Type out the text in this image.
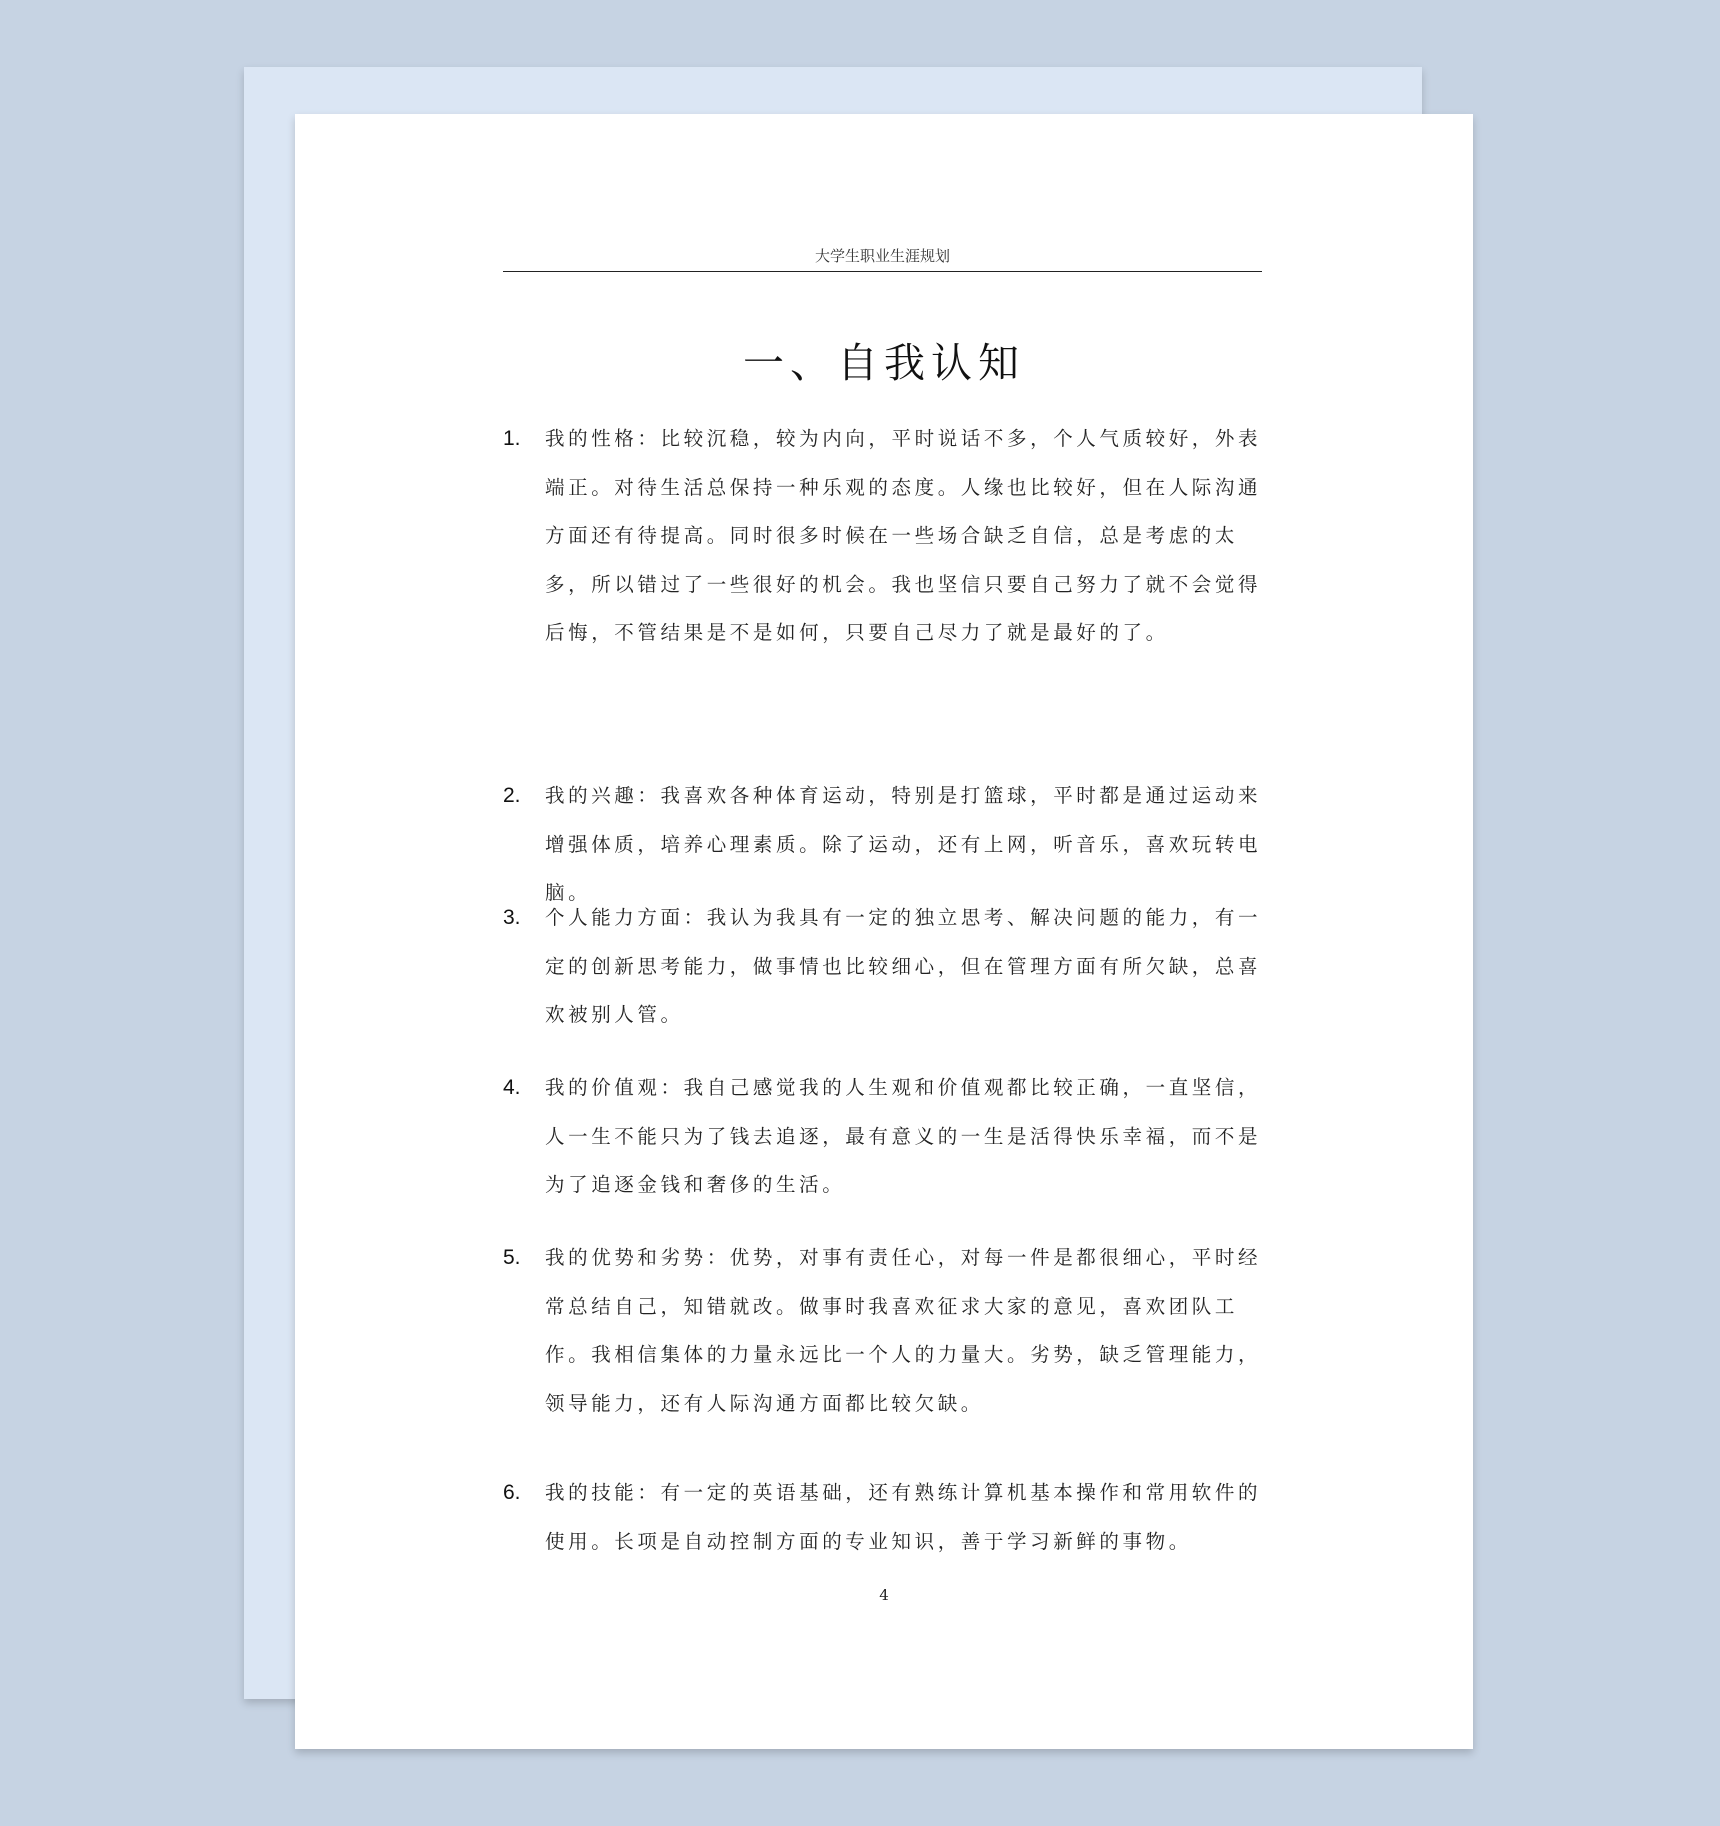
大学生职业生涯规划
一、自我认知
1. 我的性格：比较沉稳，较为内向，平时说话不多，个人气质较好，外表端正。对待生活总保持一种乐观的态度。人缘也比较好，但在人际沟通方面还有待提高。同时很多时候在一些场合缺乏自信，总是考虑的太多，所以错过了一些很好的机会。我也坚信只要自己努力了就不会觉得后悔，不管结果是不是如何，只要自己尽力了就是最好的了。
2. 我的兴趣：我喜欢各种体育运动，特别是打篮球，平时都是通过运动来增强体质，培养心理素质。除了运动，还有上网，听音乐，喜欢玩转电脑。
3. 个人能力方面：我认为我具有一定的独立思考、解决问题的能力，有一定的创新思考能力，做事情也比较细心，但在管理方面有所欠缺，总喜欢被别人管。
4. 我的价值观：我自己感觉我的人生观和价值观都比较正确，一直坚信，人一生不能只为了钱去追逐，最有意义的一生是活得快乐幸福，而不是为了追逐金钱和奢侈的生活。
5. 我的优势和劣势：优势，对事有责任心，对每一件是都很细心，平时经常总结自己，知错就改。做事时我喜欢征求大家的意见，喜欢团队工作。我相信集体的力量永远比一个人的力量大。劣势，缺乏管理能力，领导能力，还有人际沟通方面都比较欠缺。
6. 我的技能：有一定的英语基础，还有熟练计算机基本操作和常用软件的使用。长项是自动控制方面的专业知识，善于学习新鲜的事物。
4
